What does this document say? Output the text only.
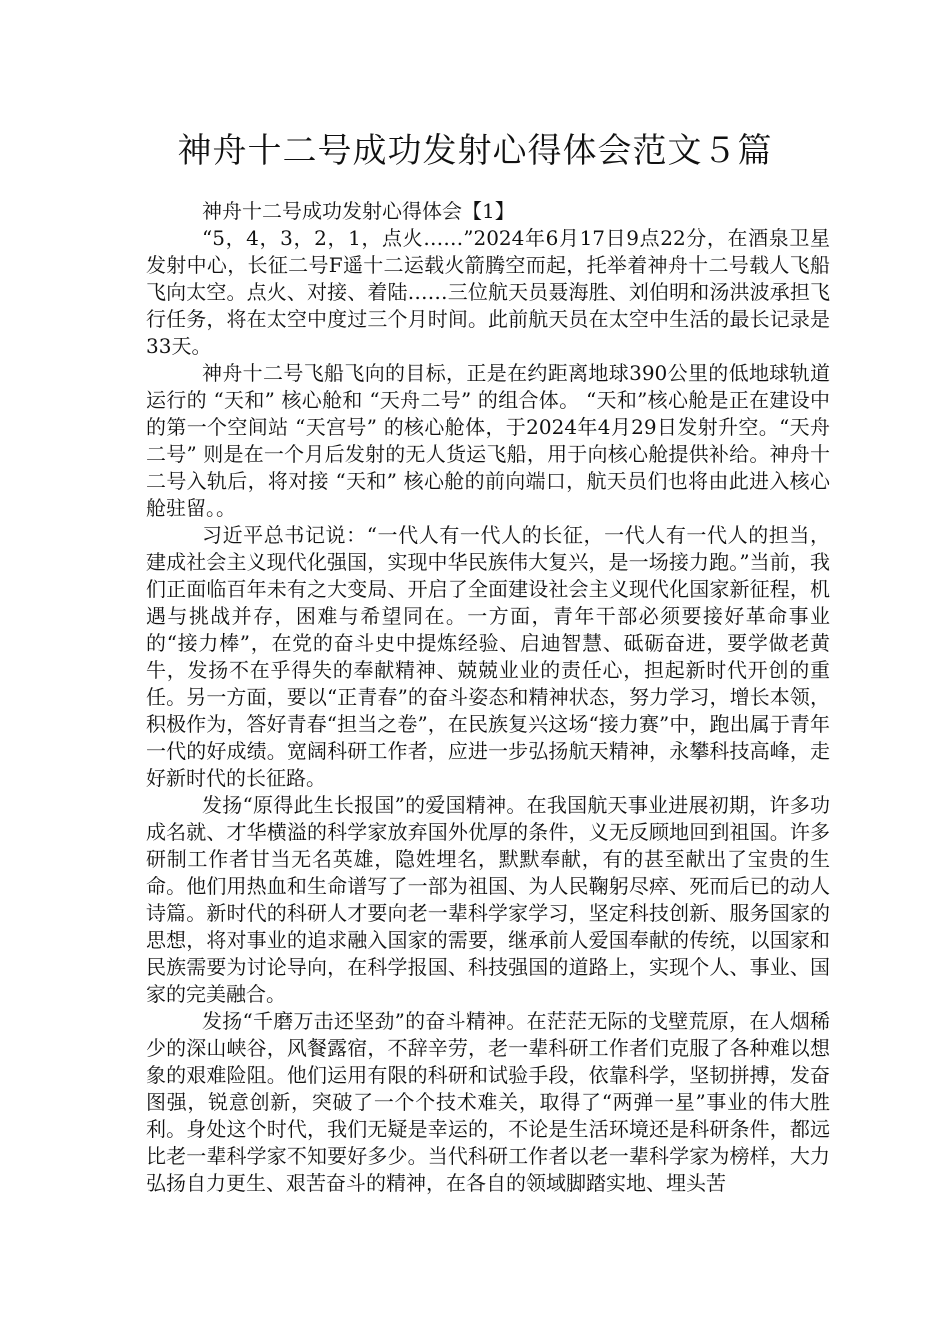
神舟十二号成功发射心得体会范文５篇

神舟十二号成功发射心得体会【1】

“5，4，3，2，1，点火……”2024年6月17日9点22分，在酒泉卫星发射中心，长征二号F遥十二运载火箭腾空而起，托举着神舟十二号载人飞船飞向太空。点火、对接、着陆……三位航天员聂海胜、刘伯明和汤洪波承担飞行任务，将在太空中度过三个月时间。此前航天员在太空中生活的最长记录是33天。

神舟十二号飞船飞向的目标，正是在约距离地球390公里的低地球轨道运行的 “天和” 核心舱和 “天舟二号” 的组合体。 “天和”核心舱是正在建设中的第一个空间站 “天宫号” 的核心舱体，于2024年4月29日发射升空。“天舟二号” 则是在一个月后发射的无人货运飞船，用于向核心舱提供补给。神舟十二号入轨后，将对接 “天和” 核心舱的前向端口，航天员们也将由此进入核心舱驻留。。

习近平总书记说：“一代人有一代人的长征，一代人有一代人的担当，建成社会主义现代化强国，实现中华民族伟大复兴，是一场接力跑。”当前，我们正面临百年未有之大变局、开启了全面建设社会主义现代化国家新征程，机遇与挑战并存，困难与希望同在。一方面，青年干部必须要接好革命事业的“接力棒”，在党的奋斗史中提炼经验、启迪智慧、砥砺奋进，要学做老黄牛，发扬不在乎得失的奉献精神、兢兢业业的责任心，担起新时代开创的重任。另一方面，要以“正青春”的奋斗姿态和精神状态，努力学习，增长本领，积极作为，答好青春“担当之卷”，在民族复兴这场“接力赛”中，跑出属于青年一代的好成绩。宽阔科研工作者，应进一步弘扬航天精神，永攀科技高峰，走好新时代的长征路。

发扬“原得此生长报国”的爱国精神。在我国航天事业进展初期，许多功成名就、才华横溢的科学家放弃国外优厚的条件，义无反顾地回到祖国。许多研制工作者甘当无名英雄，隐姓埋名，默默奉献，有的甚至献出了宝贵的生命。他们用热血和生命谱写了一部为祖国、为人民鞠躬尽瘁、死而后已的动人诗篇。新时代的科研人才要向老一辈科学家学习，坚定科技创新、服务国家的思想，将对事业的追求融入国家的需要，继承前人爱国奉献的传统，以国家和民族需要为讨论导向，在科学报国、科技强国的道路上，实现个人、事业、国家的完美融合。

发扬“千磨万击还坚劲”的奋斗精神。在茫茫无际的戈壁荒原，在人烟稀少的深山峡谷，风餐露宿，不辞辛劳，老一辈科研工作者们克服了各种难以想象的艰难险阻。他们运用有限的科研和试验手段，依靠科学，坚韧拼搏，发奋图强，锐意创新，突破了一个个技术难关，取得了“两弹一星”事业的伟大胜利。身处这个时代，我们无疑是幸运的，不论是生活环境还是科研条件，都远比老一辈科学家不知要好多少。当代科研工作者以老一辈科学家为榜样，大力弘扬自力更生、艰苦奋斗的精神，在各自的领域脚踏实地、埋头苦
